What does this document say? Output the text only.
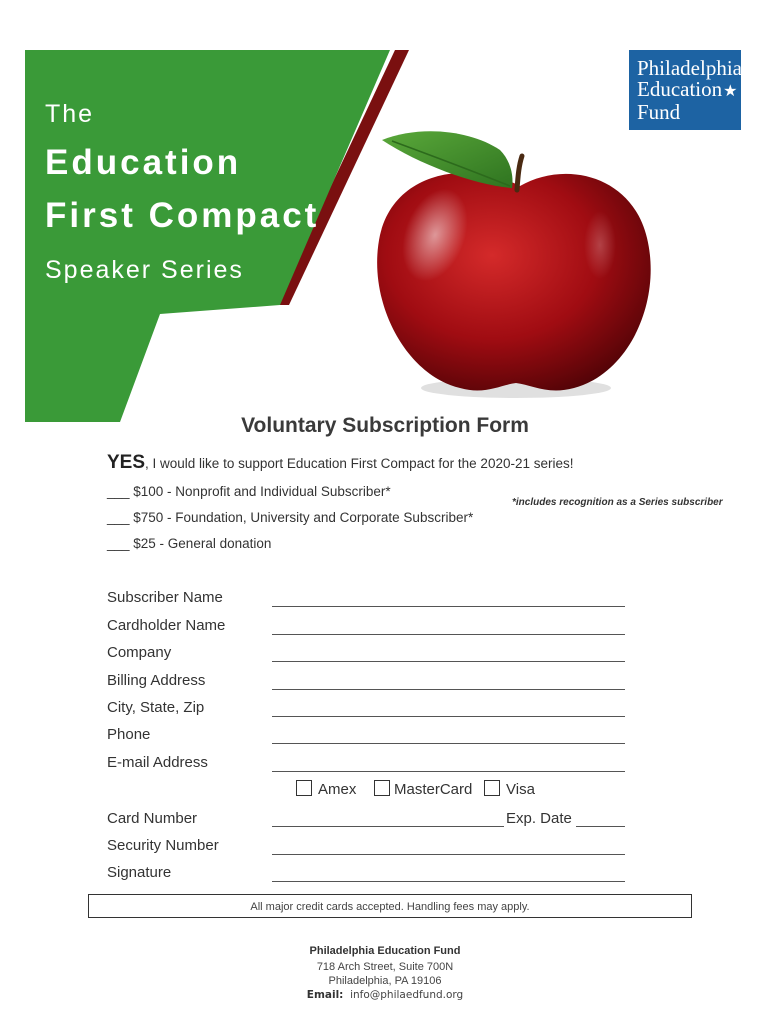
The
Education
First Compact
Speaker Series
Philadelphia
Education★
Fund
Voluntary Subscription Form
YES, I would like to support Education First Compact for the 2020-21 series!
___ $100 - Nonprofit and Individual Subscriber*
___ $750 - Foundation, University and Corporate Subscriber*
___ $25 - General donation
*includes recognition as a Series subscriber
Subscriber Name
Cardholder Name
Company
Billing Address
City, State, Zip
Phone
E-mail Address
Amex	MasterCard Visa
Card Number	Exp. Date
Security Number
Signature
All major credit cards accepted. Handling fees may apply.
Philadelphia Education Fund
718 Arch Street, Suite 700N
Philadelphia, PA 19106
Email: info@philaedfund.org
